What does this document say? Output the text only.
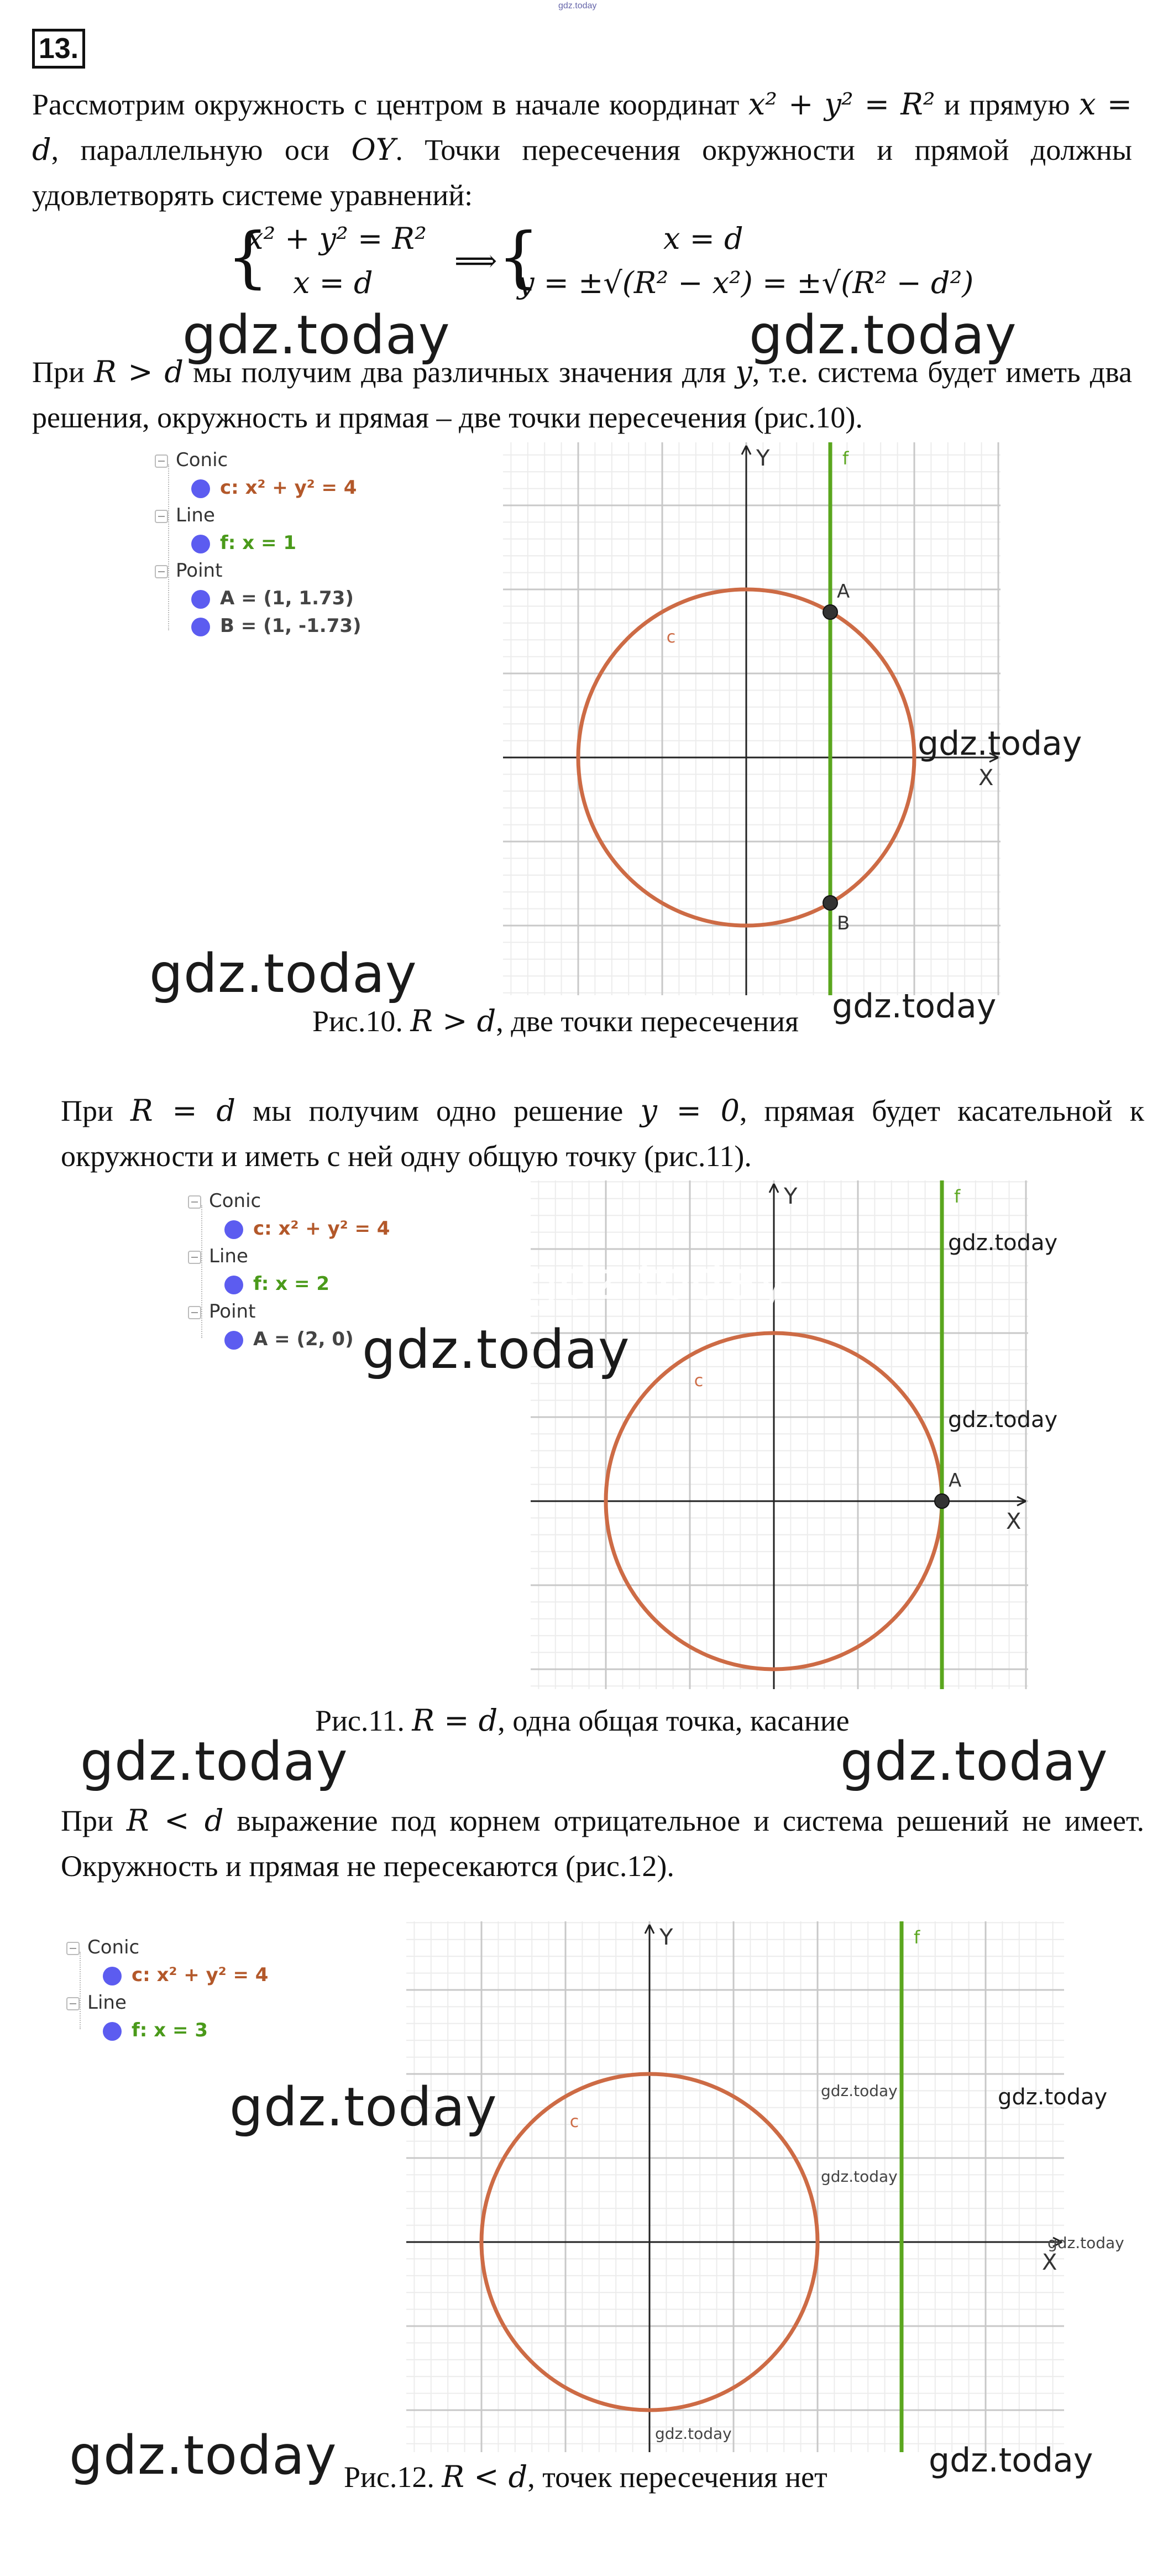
gdz.today
13.
Рассмотрим окружность с центром в начале координат x² + y² = R² и прямую x = d, параллельную оси OY. Точки пересечения окружности и прямой должны удовлетворять системе уравнений:
{
x² + y² = R²
x = d
⟹ {	x = d
y = ±√(R² − x²) = ±√(R² − d²)
При R > d мы получим два различных значения для y, т.е. система будет иметь два решения, окружность и прямая – две точки пересечения (рис.10).
Conic
c: x² + y² = 4
Line
f: x = 1
Point
A = (1, 1.73)
B = (1, -1.73)
X
Y
c
f
A
B
Рис.10. R > d, две точки пересечения
При R = d мы получим одно решение y = 0, прямая будет касательной к окружности и иметь с ней одну общую точку (рис.11).
Conic
c: x² + y² = 4
Line
f: x = 2
Point
A = (2, 0)
X
Y
c
f
A
Рис.11. R = d, одна общая точка, касание
При R < d выражение под корнем отрицательное и система решений не имеет. Окружность и прямая не пересекаются (рис.12).
Conic
c: x² + y² = 4
Line
f: x = 3
X
Y
c
f
Рис.12. R < d, точек пересечения нет
gdz.today	gdz.today
gdz.today
gdz.today
gdz.today
gdz.today
gdz.today
gdz.today
gdz.today
gdz.today	gdz.today
gdz.today	gdz.today	gdz.today
gdz.today
gdz.today
gdz.today
gdz.today	gdz.today
